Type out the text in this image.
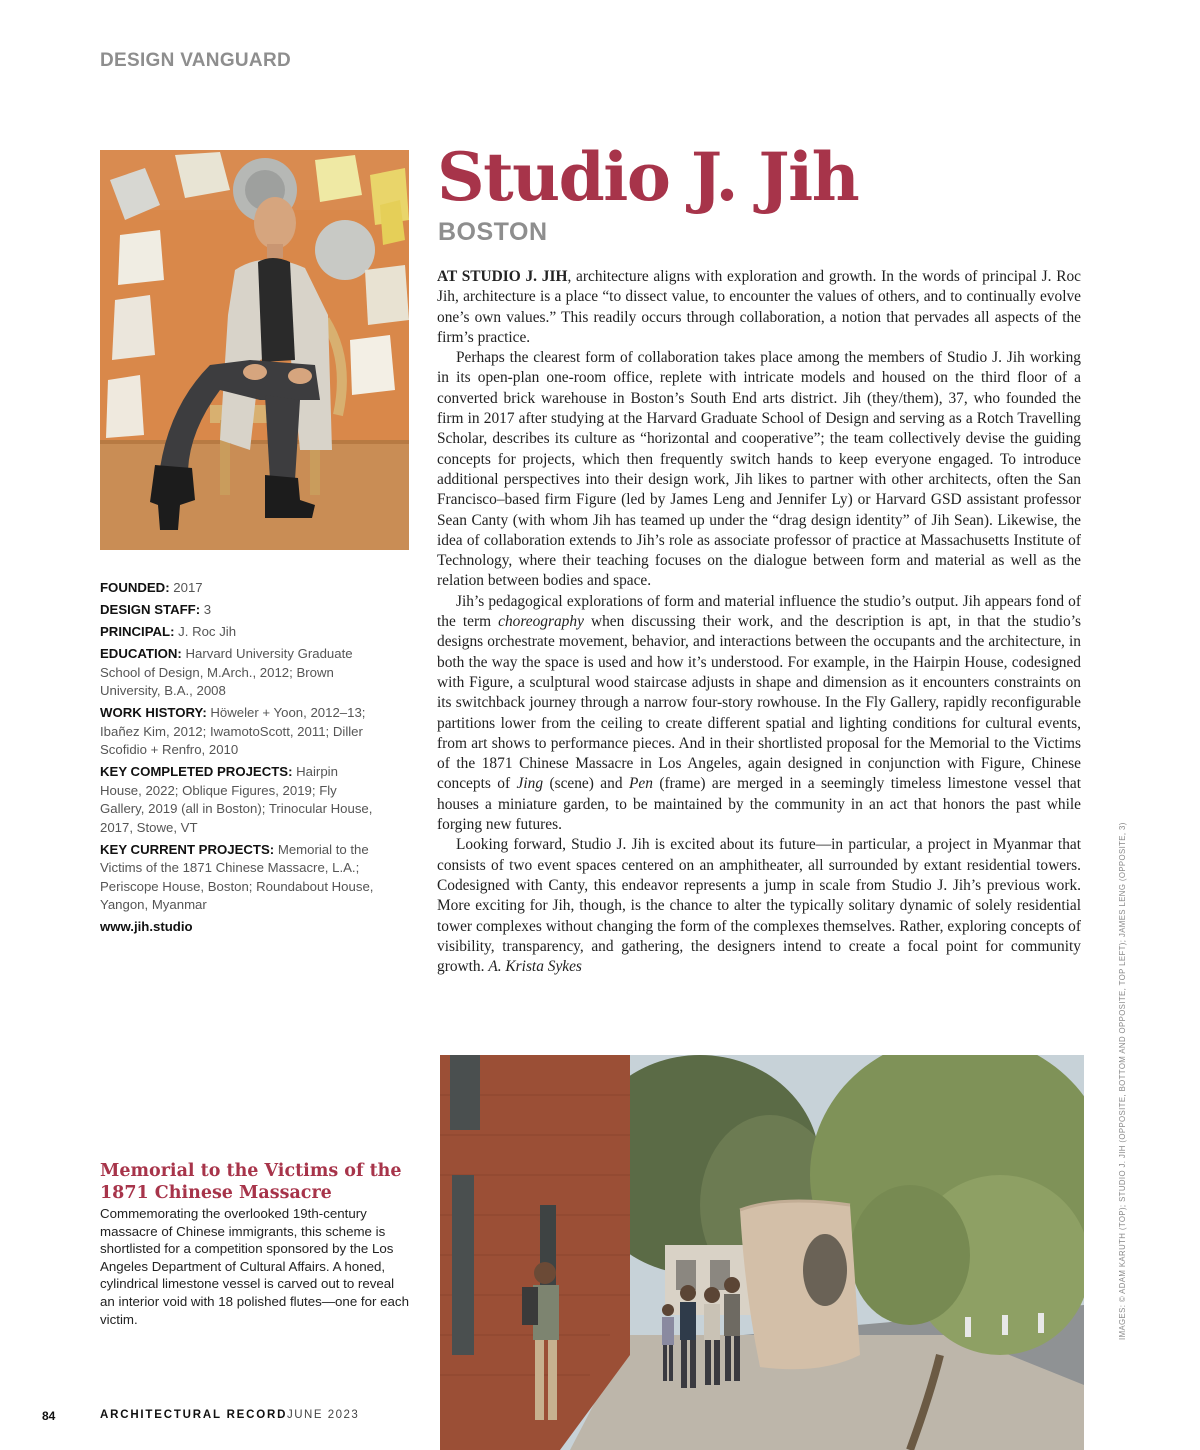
DESIGN VANGUARD
Studio J. Jih
BOSTON
FOUNDED: 2017
DESIGN STAFF: 3
PRINCIPAL: J. Roc Jih
EDUCATION: Harvard University Graduate School of Design, M.Arch., 2012; Brown University, B.A., 2008
WORK HISTORY: Höweler + Yoon, 2012–13; Ibañez Kim, 2012; IwamotoScott, 2011; Diller Scofidio + Renfro, 2010
KEY COMPLETED PROJECTS: Hairpin House, 2022; Oblique Figures, 2019; Fly Gallery, 2019 (all in Boston); Trinocular House, 2017, Stowe, VT
KEY CURRENT PROJECTS: Memorial to the Victims of the 1871 Chinese Massacre, L.A.; Periscope House, Boston; Roundabout House, Yangon, Myanmar
www.jih.studio

AT STUDIO J. JIH, architecture aligns with exploration and growth. In the words of principal J. Roc Jih, architecture is a place “to dissect value, to encounter the values of others, and to continually evolve one’s own values.” This readily occurs through collaboration, a notion that pervades all aspects of the firm’s practice.

Perhaps the clearest form of collaboration takes place among the members of Studio J. Jih working in its open-plan one-room office, replete with intricate models and housed on the third floor of a converted brick warehouse in Boston’s South End arts district. Jih (they/them), 37, who founded the firm in 2017 after studying at the Harvard Graduate School of Design and serving as a Rotch Travelling Scholar, describes its culture as “horizontal and cooperative”; the team collectively devise the guiding concepts for projects, which then frequently switch hands to keep everyone engaged. To introduce additional perspectives into their design work, Jih likes to partner with other architects, often the San Francisco–based firm Figure (led by James Leng and Jennifer Ly) or Harvard GSD assistant professor Sean Canty (with whom Jih has teamed up under the “drag design identity” of Jih Sean). Likewise, the idea of collaboration extends to Jih’s role as associate professor of practice at Massachusetts Institute of Technology, where their teaching focuses on the dialogue between form and material as well as the relation between bodies and space.

Jih’s pedagogical explorations of form and material influence the studio’s output. Jih appears fond of the term choreography when discussing their work, and the description is apt, in that the studio’s designs orchestrate movement, behavior, and interactions between the occupants and the architecture, in both the way the space is used and how it’s understood. For example, in the Hairpin House, codesigned with Figure, a sculptural wood staircase adjusts in shape and dimension as it encounters constraints on its switchback journey through a narrow four-story rowhouse. In the Fly Gallery, rapidly reconfigurable partitions lower from the ceiling to create different spatial and lighting conditions for cultural events, from art shows to performance pieces. And in their shortlisted proposal for the Memorial to the Victims of the 1871 Chinese Massacre in Los Angeles, again designed in conjunction with Figure, Chinese concepts of Jing (scene) and Pen (frame) are merged in a seemingly timeless limestone vessel that houses a miniature garden, to be maintained by the community in an act that honors the past while forging new futures.

Looking forward, Studio J. Jih is excited about its future—in particular, a project in Myanmar that consists of two event spaces centered on an amphitheater, all surrounded by extant residential towers. Codesigned with Canty, this endeavor represents a jump in scale from Studio J. Jih’s previous work. More exciting for Jih, though, is the chance to alter the typically solitary dynamic of solely residential tower complexes without changing the form of the complexes themselves. Rather, exploring concepts of visibility, transparency, and gathering, the designers intend to create a focal point for community growth. A. Krista Sykes	IMAGES: © ADAM KARUTH (TOP); STUDIO J. JIH (OPPOSITE, BOTTOM AND OPPOSITE, TOP LEFT); JAMES LENG (OPPOSITE, 3)
Memorial to the Victims of the 1871 Chinese Massacre
Commemorating the overlooked 19th-century massacre of Chinese immigrants, this scheme is shortlisted for a competition sponsored by the Los Angeles Department of Cultural Affairs. A honed, cylindrical limestone vessel is carved out to reveal an interior void with 18 polished flutes—one for each victim.
84	ARCHITECTURAL RECORD JUNE 2023
